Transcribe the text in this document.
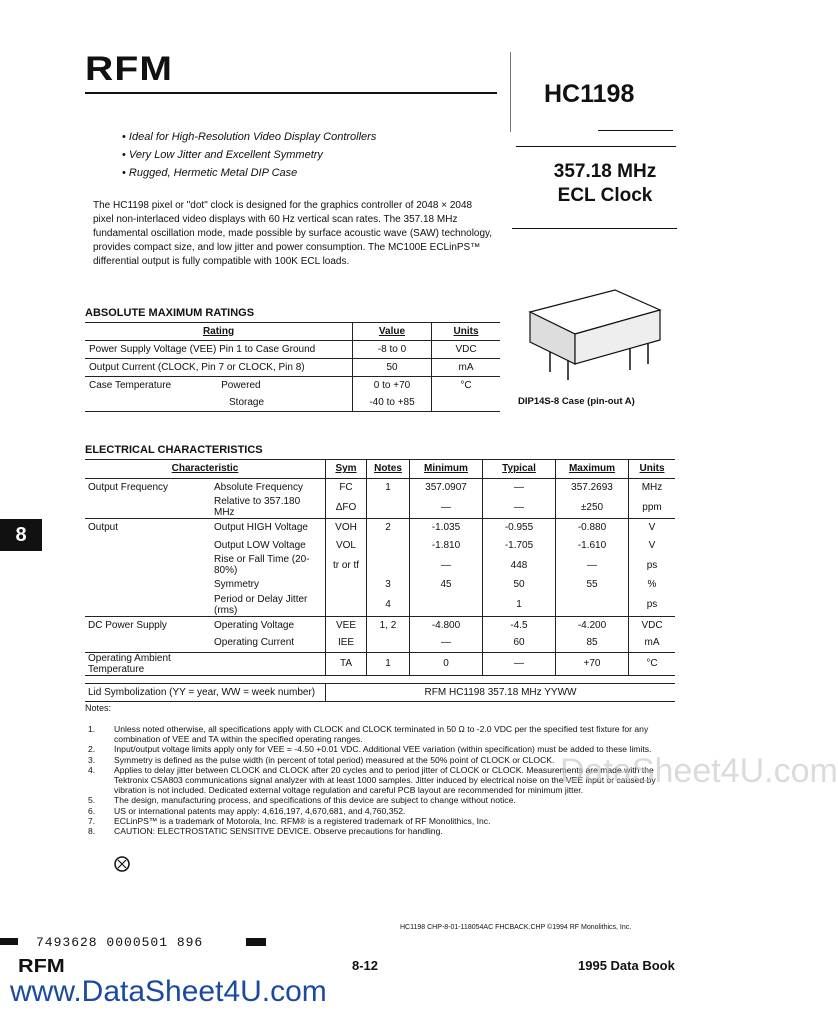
RFM
HC1198
357.18 MHz
ECL Clock
• Ideal for High-Resolution Video Display Controllers
• Very Low Jitter and Excellent Symmetry
• Rugged, Hermetic Metal DIP Case
The HC1198 pixel or "dot" clock is designed for the graphics controller of 2048 × 2048 pixel non-interlaced video displays with 60 Hz vertical scan rates. The 357.18 MHz fundamental oscillation mode, made possible by surface acoustic wave (SAW) technology, provides compact size, and low jitter and power consumption. The MC100E ECLinPS™ differential output is fully compatible with 100K ECL loads.
ABSOLUTE MAXIMUM RATINGS
Rating	Value	Units
Power Supply Voltage (VEE) Pin 1 to Case Ground	-8 to 0	VDC
Output Current (CLOCK, Pin 7 or CLOCK, Pin 8)	50	mA
Case Temperature Powered	0 to +70	°C
Storage	-40 to +85		DIP14S-8 Case (pin-out A)
ELECTRICAL CHARACTERISTICS
Characteristic		Sym	Notes	Minimum	Typical	Maximum	Units
Output Frequency	Absolute Frequency	FC	1	357.0907	—	357.2693	MHz
	Relative to 357.180 MHz	ΔFO		—	—	±250	ppm
Output	Output HIGH Voltage	VOH	2	-1.035	-0.955	-0.880	V
	Output LOW Voltage	VOL		-1.810	-1.705	-1.610	V
	Rise or Fall Time (20-80%)	tr or tf		—	448	—	ps
	Symmetry		3	45	50	55	%
	Period or Delay Jitter (rms)		4		1		ps
DC Power Supply	Operating Voltage	VEE	1, 2	-4.800	-4.5	-4.200	VDC
	Operating Current	IEE		—	60	85	mA
Operating Ambient Temperature		TA	1	0	—	+70	°C

Lid Symbolization (YY = year, WW = week number)		RFM HC1198 357.18 MHz YYWW					
8
Notes:
1.	Unless noted otherwise, all specifications apply with CLOCK and CLOCK terminated in 50 Ω to -2.0 VDC per the specified test fixture for any combination of VEE and TA within the specified operating ranges.
2.	Input/output voltage limits apply only for VEE = -4.50 +0.01 VDC. Additional VEE variation (within specification) must be added to these limits.
3.	Symmetry is defined as the pulse width (in percent of total period) measured at the 50% point of CLOCK or CLOCK.
4.	Applies to delay jitter between CLOCK and CLOCK after 20 cycles and to period jitter of CLOCK or CLOCK. Measurements are made with the Tektronix CSA803 communications signal analyzer with at least 1000 samples. Jitter induced by electrical noise on the VEE input or caused by vibration is not included. Dedicated external voltage regulation and careful PCB layout are recommended for minimum jitter.
5.	The design, manufacturing process, and specifications of this device are subject to change without notice.
6.	US or international patents may apply: 4,616,197, 4,670,681, and 4,760,352.
7.	ECLinPS™ is a trademark of Motorola, Inc. RFM® is a registered trademark of RF Monolithics, Inc.
8.	CAUTION: ELECTROSTATIC SENSITIVE DEVICE. Observe precautions for handling.
HC1198 CHP-8-01-118054AC FHCBACK.CHP ©1994 RF Monolithics, Inc.
7493628 0000501 896
RFM	8-12	1995 Data Book
DataSheet4U.com
www.DataSheet4U.com
